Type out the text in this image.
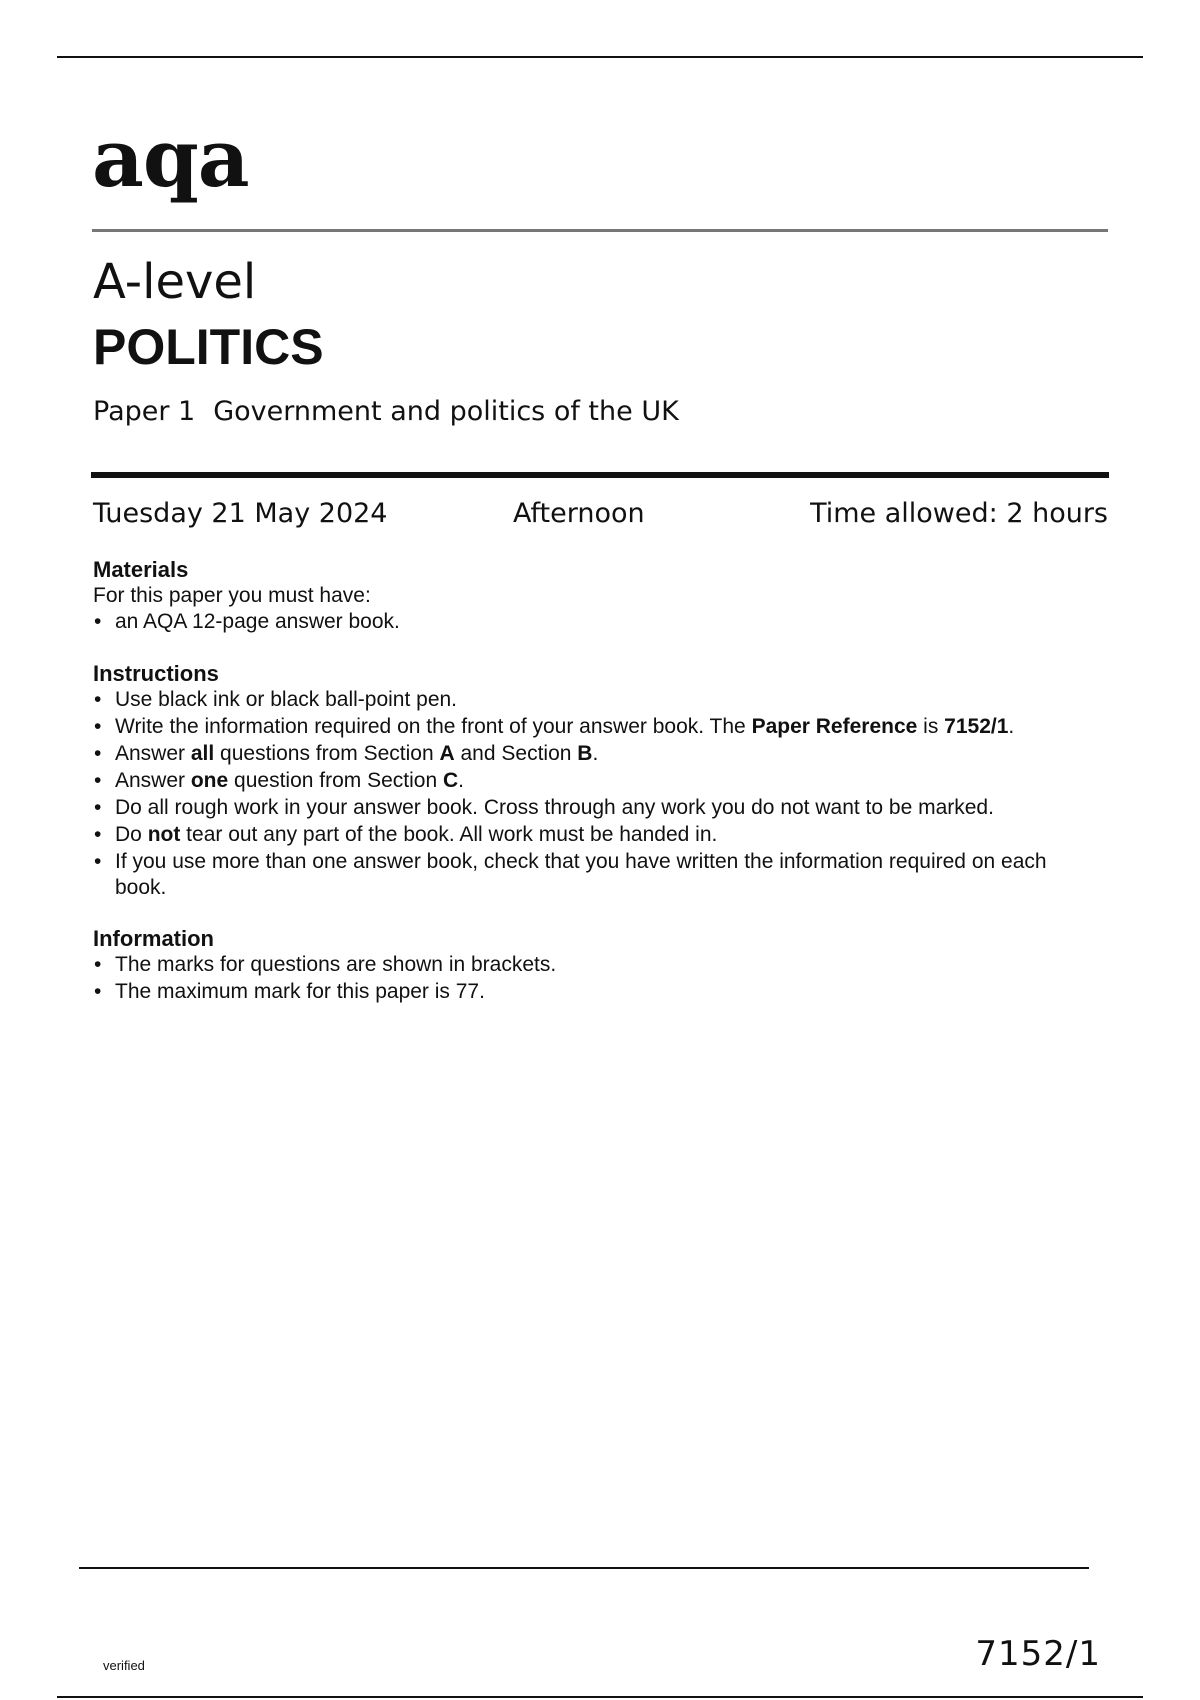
aqa
A-level
POLITICS
Paper 1 Government and politics of the UK
Tuesday 21 May 2024	Afternoon	Time allowed: 2 hours
Materials

For this paper you must have:

• an AQA 12-page answer book.
Instructions
• Use black ink or black ball-point pen.
• Write the information required on the front of your answer book. The Paper Reference is 7152/1.
• Answer all questions from Section A and Section B.
• Answer one question from Section C.
• Do all rough work in your answer book. Cross through any work you do not want to be marked.
• Do not tear out any part of the book. All work must be handed in.
• If you use more than one answer book, check that you have written the information required on each book.
Information
• The marks for questions are shown in brackets.
• The maximum mark for this paper is 77.
verified	7152/1
